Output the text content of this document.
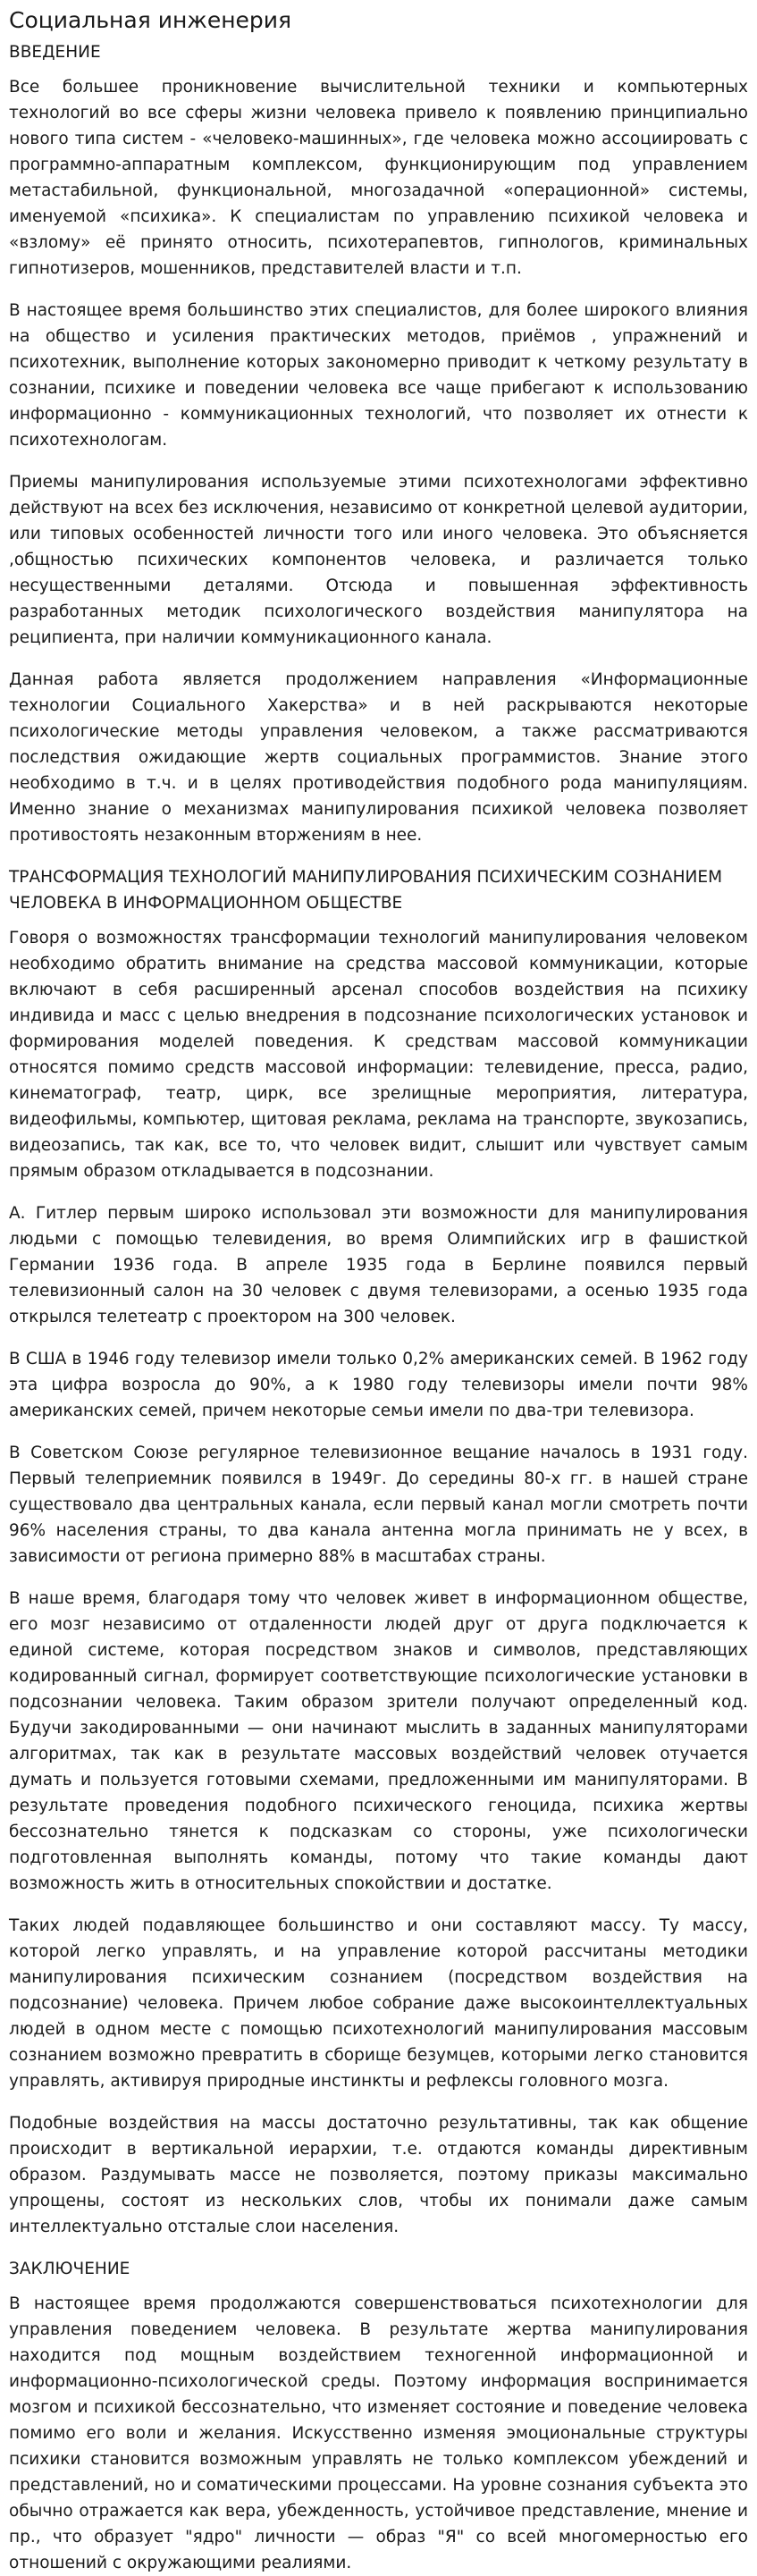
Социальная инженерия
ВВЕДЕНИЕ

Все большее проникновение вычислительной техники и компьютерных технологий во все сферы жизни человека привело к появлению принципиально нового типа систем - «человеко-машинных», где человека можно ассоциировать с программно-аппаратным комплексом, функционирующим под управлением метастабильной, функциональной, многозадачной «операционной» системы, именуемой «психика». К специалистам по управлению психикой человека и «взлому» её принято относить, психотерапевтов, гипнологов, криминальных гипнотизеров, мошенников, представителей власти и т.п.

В настоящее время большинство этих специалистов, для более широкого влияния на общество и усиления практических методов, приёмов , упражнений и психотехник, выполнение которых закономерно приводит к четкому результату в сознании, психике и поведении человека все чаще прибегают к использованию информационно - коммуникационных технологий, что позволяет их отнести к психотехнологам.

Приемы манипулирования используемые этими психотехнологами эффективно действуют на всех без исключения, независимо от конкретной целевой аудитории, или типовых особенностей личности того или иного человека. Это объясняется ,общностью психических компонентов человека, и различается только несущественными деталями. Отсюда и повышенная эффективность разработанных методик психологического воздействия манипулятора на реципиента, при наличии коммуникационного канала.

Данная работа является продолжением направления «Информационные технологии Социального Хакерства» и в ней раскрываются некоторые психологические методы управления человеком, а также рассматриваются последствия ожидающие жертв социальных программистов. Знание этого необходимо в т.ч. и в целях противодействия подобного рода манипуляциям. Именно знание о механизмах манипулирования психикой человека позволяет противостоять незаконным вторжениям в нее.

ТРАНСФОРМАЦИЯ ТЕХНОЛОГИЙ МАНИПУЛИРОВАНИЯ ПСИХИЧЕСКИМ СОЗНАНИЕМ ЧЕЛОВЕКА В ИНФОРМАЦИОННОМ ОБЩЕСТВЕ

Говоря о возможностях трансформации технологий манипулирования человеком необходимо обратить внимание на средства массовой коммуникации, которые включают в себя расширенный арсенал способов воздействия на психику индивида и масс с целью внедрения в подсознание психологических установок и формирования моделей поведения. К средствам массовой коммуникации относятся помимо средств массовой информации: телевидение, пресса, радио, кинематограф, театр, цирк, все зрелищные мероприятия, литература, видеофильмы, компьютер, щитовая реклама, реклама на транспорте, звукозапись, видеозапись, так как, все то, что человек видит, слышит или чувствует самым прямым образом откладывается в подсознании.

А. Гитлер первым широко использовал эти возможности для манипулирования людьми с помощью телевидения, во время Олимпийских игр в фашисткой Германии 1936 года. В апреле 1935 года в Берлине появился первый телевизионный салон на 30 человек с двумя телевизорами, а осенью 1935 года открылся телетеатр с проектором на 300 человек.

В США в 1946 году телевизор имели только 0,2% американских семей. В 1962 году эта цифра возросла до 90%, а к 1980 году телевизоры имели почти 98% американских семей, причем некоторые семьи имели по два-три телевизора.

В Советском Союзе регулярное телевизионное вещание началось в 1931 году. Первый телеприемник появился в 1949г. До середины 80-х гг. в нашей стране существовало два центральных канала, если первый канал могли смотреть почти 96% населения страны, то два канала антенна могла принимать не у всех, в зависимости от региона примерно 88% в масштабах страны.

В наше время, благодаря тому что человек живет в информационном обществе, его мозг независимо от отдаленности людей друг от друга подключается к единой системе, которая посредством знаков и символов, представляющих кодированный сигнал, формирует соответствующие психологические установки в подсознании человека. Таким образом зрители получают определенный код. Будучи закодированными — они начинают мыслить в заданных манипуляторами алгоритмах, так как в результате массовых воздействий человек отучается думать и пользуется готовыми схемами, предложенными им манипуляторами. В результате проведения подобного психического геноцида, психика жертвы бессознательно тянется к подсказкам со стороны, уже психологически подготовленная выполнять команды, потому что такие команды дают возможность жить в относительных спокойствии и достатке.

Таких людей подавляющее большинство и они составляют массу. Ту массу, которой легко управлять, и на управление которой рассчитаны методики манипулирования психическим сознанием (посредством воздействия на подсознание) человека. Причем любое собрание даже высокоинтеллектуальных людей в одном месте с помощью психотехнологий манипулирования массовым сознанием возможно превратить в сборище безумцев, которыми легко становится управлять, активируя природные инстинкты и рефлексы головного мозга.

Подобные воздействия на массы достаточно результативны, так как общение происходит в вертикальной иерархии, т.е. отдаются команды директивным образом. Раздумывать массе не позволяется, поэтому приказы максимально упрощены, состоят из нескольких слов, чтобы их понимали даже самым интеллектуально отсталые слои населения.

ЗАКЛЮЧЕНИЕ

В настоящее время продолжаются совершенствоваться психотехнологии для управления поведением человека. В результате жертва манипулирования находится под мощным воздействием техногенной информационной и информационно-психологической среды. Поэтому информация воспринимается мозгом и психикой бессознательно, что изменяет состояние и поведение человека помимо его воли и желания. Искусственно изменяя эмоциональные структуры психики становится возможным управлять не только комплексом убеждений и представлений, но и соматическими процессами. На уровне сознания субъекта это обычно отражается как вера, убежденность, устойчивое представление, мнение и пр., что образует "ядро" личности — образ "Я" со всей многомерностью его отношений с окружающими реалиями.
